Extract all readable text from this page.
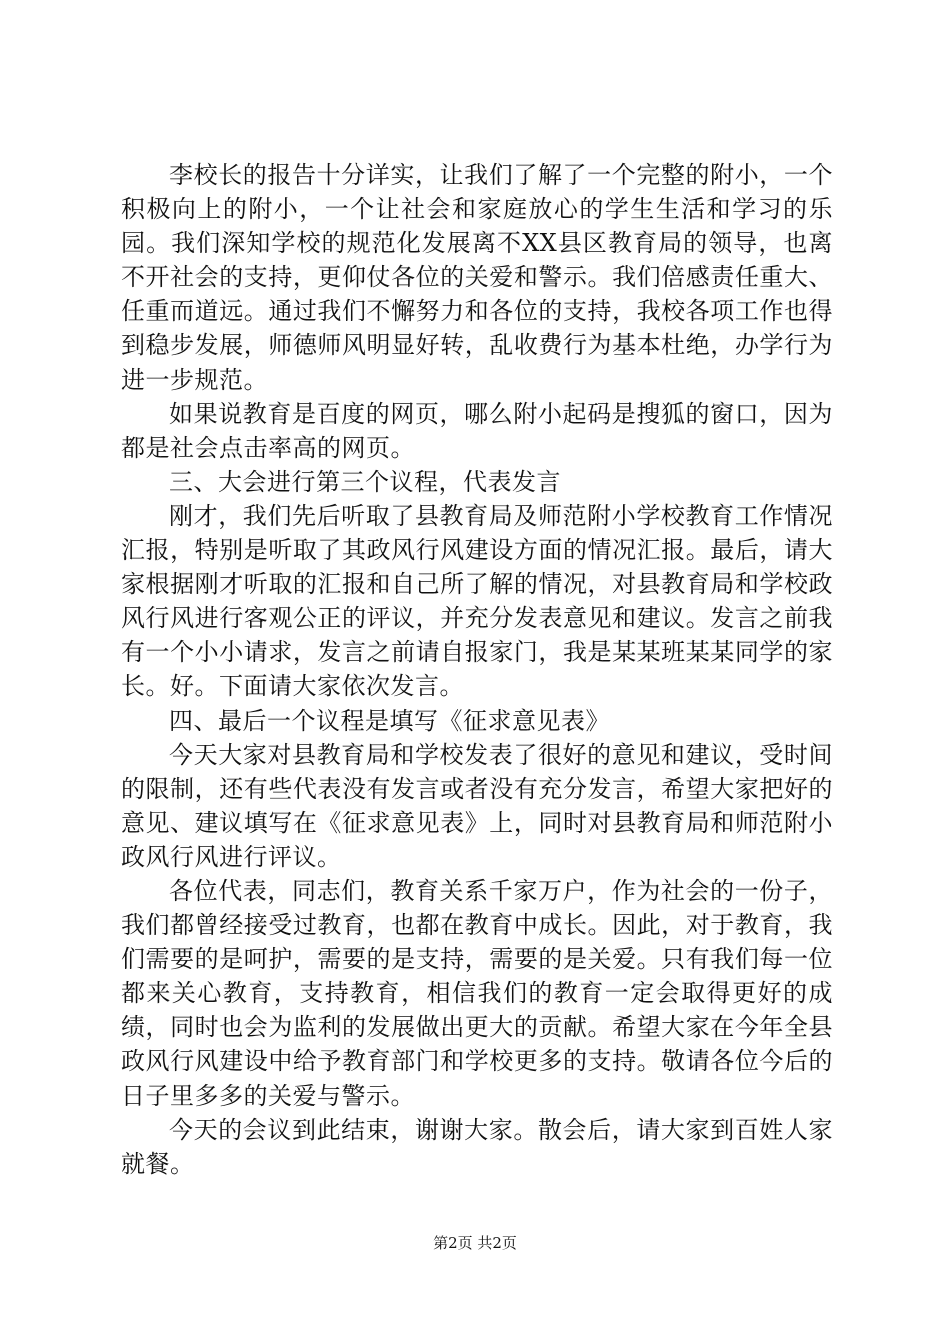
李校长的报告十分详实，让我们了解了一个完整的附小，一个积极向上的附小，一个让社会和家庭放心的学生生活和学习的乐园。我们深知学校的规范化发展离不XX县区教育局的领导，也离不开社会的支持，更仰仗各位的关爱和警示。我们倍感责任重大、任重而道远。通过我们不懈努力和各位的支持，我校各项工作也得到稳步发展，师德师风明显好转，乱收费行为基本杜绝，办学行为进一步规范。

如果说教育是百度的网页，哪么附小起码是搜狐的窗口，因为都是社会点击率高的网页。

三、大会进行第三个议程，代表发言

刚才，我们先后听取了县教育局及师范附小学校教育工作情况汇报，特别是听取了其政风行风建设方面的情况汇报。最后，请大家根据刚才听取的汇报和自己所了解的情况，对县教育局和学校政风行风进行客观公正的评议，并充分发表意见和建议。发言之前我有一个小小请求，发言之前请自报家门，我是某某班某某同学的家长。好。下面请大家依次发言。

四、最后一个议程是填写《征求意见表》

今天大家对县教育局和学校发表了很好的意见和建议，受时间的限制，还有些代表没有发言或者没有充分发言，希望大家把好的意见、建议填写在《征求意见表》上，同时对县教育局和师范附小政风行风进行评议。

各位代表，同志们，教育关系千家万户，作为社会的一份子，我们都曾经接受过教育，也都在教育中成长。因此，对于教育，我们需要的是呵护，需要的是支持，需要的是关爱。只有我们每一位都来关心教育，支持教育，相信我们的教育一定会取得更好的成绩，同时也会为监利的发展做出更大的贡献。希望大家在今年全县政风行风建设中给予教育部门和学校更多的支持。敬请各位今后的日子里多多的关爱与警示。

今天的会议到此结束，谢谢大家。散会后，请大家到百姓人家就餐。

第2页 共2页
